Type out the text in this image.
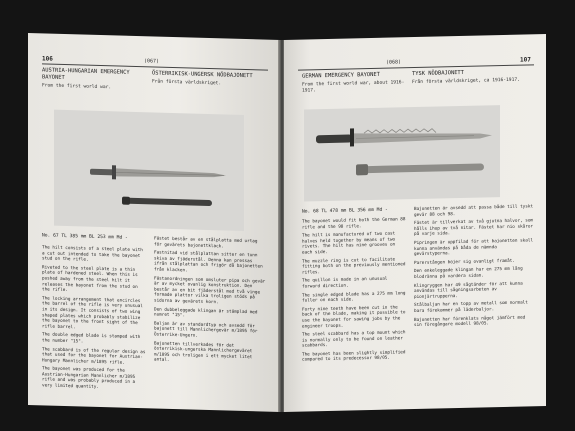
106	(067)
AUSTRIA-HUNGARIAN EMERGENCY BAYONET
From the first world war.
ÖSTERRIKISK-UNGERSK NÖDBAJONETT
Från första världskriget.
No. 67 TL 385 mm BL 253 mm Md -

The hilt consists of a steel plate with a cut out intended to take the bayonet stud on the rifle.

Riveted to the steel plate is a thin plate of hardened steel. When this is pushed away from the steel hilt it releases the bayonet from the stud on the rifle.

The locking arrangement that encircles the barrel of the rifle is very unusual in its design. It consists of two wing shaped plates which probably stabilize the bayonet to the front sight of the rifle barrel.

The double edged blade is stamped with the number "15".

The scabbard is of the regular design as that used for the bayonet for Austrian-Hungary Mannlicher m/1895 rifle.

The bayonet was produced for the Austrian-Hungarian Mannlicher m/1895 rifle and was probably produced in a very limited quantity.

Fästet består av en stålplatta med urtag för gevärets bajonettklack.

Fastnitad vid stålplattan sitter en tunn skiva av fjäderstål. Denna kan pressas ifrån stålplattan och frigör då bajonetten från klacken.

Fästanordningen som omsluter pipa och gevär är av mycket ovanlig konstruktion. Den består av en bit fjäderstål med två vinge formade plattor vilka troligen stöds på sidorna av gevärets korn.

Den dubbeleggade klingan är stämplad med numret "15".

Baljan är av standardtyp och avsedd för bajonett till Mannlichergevär m/1895 för Österrike-Ungern.

Bajonetten tillverkades för det österrikisk-ungerska Mannlichergeväret m/1895 och troligen i ett mycket litet antal.

(068)	107
GERMAN EMERGENCY BAYONET
From the first world war, about 1916-1917.
TYSK NÖDBAJONETT
Från första världskriget, ca 1916-1917.
No. 68 TL 478 mm BL 356 mm Md -

The bayonet would fit both the German 88 rifle and the 98 rifle.

The hilt is manufactured of two cast halves held together by means of two rivets. The hilt has nine grooves on each side.

The muzzle ring is cut to facilitate fitting both on the previously mentioned rifles.

The quillon is made in an unusual forward direction.

The single edged blade has a 275 mm long fuller on each side.

Forty nine teeth have been cut in the back of the blade, making it possible to use the bayonet for sawing jobs by the engineer troops.

The steel scabbard has a top mount which is normally only to be found on leather scabbards.

The bayonet has been slightly simplified compared to its predecessor 98/05.

Bajonetten är avsedd att passa både till tyskt gevär 88 och 98.

Fästet är tillverkat av två gjutna halvor, som hålls ihop av två nitar. Fästet har nio skåror på varje sida.

Pipringen är uppfilad för att bajonetten skall kunna användas på båda de nämnda gevärstyperna.

Parerstången böjer sig ovanligt framåt.

Den enkeleggade klingan har en 275 mm lång blodränna på vardera sidan.

Klingryggen har 49 sågtänder för att kunna användas till sågningsarbeten av pionjärtrupperna.

Stålbaljan har en topp av metall som normalt bara förekommer på läderbaljor.

Bajonetten har förenklats något jämfört med sin föregångare modell 98/05.
